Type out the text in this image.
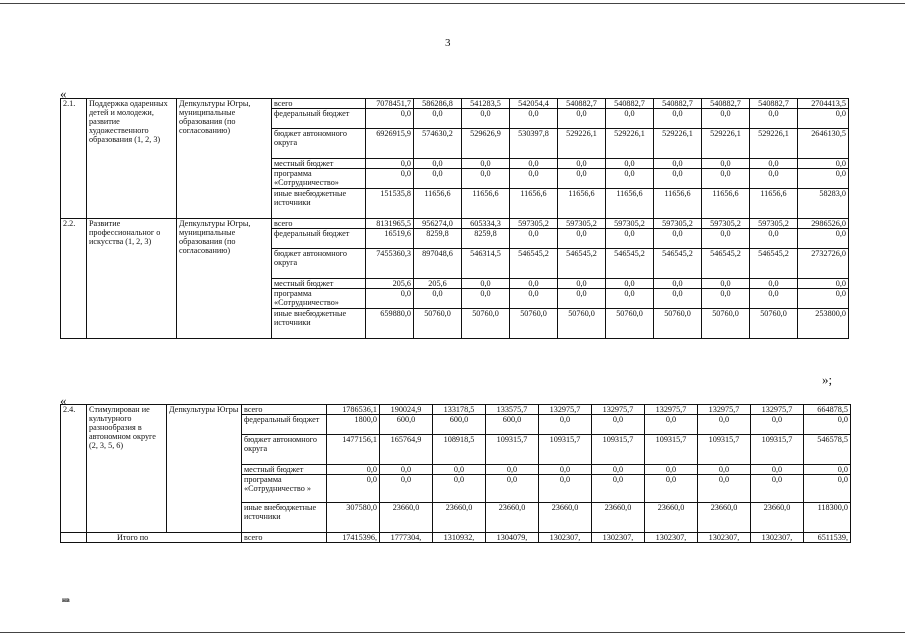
3
«
2.1.	Поддержка одаренных детей и молодежи, развитие художественного образования (1, 2, 3)	Депкультуры Югры, муниципальные образования (по согласованию)	всего	7078451,7	586286,8	541283,5	542054,4	540882,7	540882,7	540882,7	540882,7	540882,7	2704413,5
			федеральный бюджет	0,0	0,0	0,0	0,0	0,0	0,0	0,0	0,0	0,0	0,0
			бюджет автономного округа	6926915,9	574630,2	529626,9	530397,8	529226,1	529226,1	529226,1	529226,1	529226,1	2646130,5
			местный бюджет	0,0	0,0	0,0	0,0	0,0	0,0	0,0	0,0	0,0	0,0
			программа «Сотрудничество»	0,0	0,0	0,0	0,0	0,0	0,0	0,0	0,0	0,0	0,0
			иные внебюджетные источники	151535,8	11656,6	11656,6	11656,6	11656,6	11656,6	11656,6	11656,6	11656,6	58283,0
2.2.	Развитие профессиональног о искусства (1, 2, 3)	Депкультуры Югры, муниципальные образования (по согласованию)	всего	8131965,5	956274,0	605334,3	597305,2	597305,2	597305,2	597305,2	597305,2	597305,2	2986526,0
			федеральный бюджет	16519,6	8259,8	8259,8	0,0	0,0	0,0	0,0	0,0	0,0	0,0
			бюджет автономного округа	7455360,3	897048,6	546314,5	546545,2	546545,2	546545,2	546545,2	546545,2	546545,2	2732726,0
			местный бюджет	205,6	205,6	0,0	0,0	0,0	0,0	0,0	0,0	0,0	0,0
			программа «Сотрудничество»	0,0	0,0	0,0	0,0	0,0	0,0	0,0	0,0	0,0	0,0
			иные внебюджетные источники	659880,0	50760,0	50760,0	50760,0	50760,0	50760,0	50760,0	50760,0	50760,0	253800,0
»;
«
2.4.	Стимулирован ие культурного разнообразия в автономном округе (2, 3, 5, 6)	Депкультуры Югры	всего	1786536,1	190024,9	133178,5	133575,7	132975,7	132975,7	132975,7	132975,7	132975,7	664878,5
			федеральный бюджет	1800,0	600,0	600,0	600,0	0,0	0,0	0,0	0,0	0,0	0,0
			бюджет автономного округа	1477156,1	165764,9	108918,5	109315,7	109315,7	109315,7	109315,7	109315,7	109315,7	546578,5
			местный бюджет	0,0	0,0	0,0	0,0	0,0	0,0	0,0	0,0	0,0	0,0
			программа «Сотрудничество »	0,0	0,0	0,0	0,0	0,0	0,0	0,0	0,0	0,0	0,0
			иные внебюджетные источники	307580,0	23660,0	23660,0	23660,0	23660,0	23660,0	23660,0	23660,0	23660,0	118300,0
	Итого по		всего	17415396,	1777304,	1310932,	1304079,	1302307,	1302307,	1302307,	1302307,	1302307,	6511539,
нв
